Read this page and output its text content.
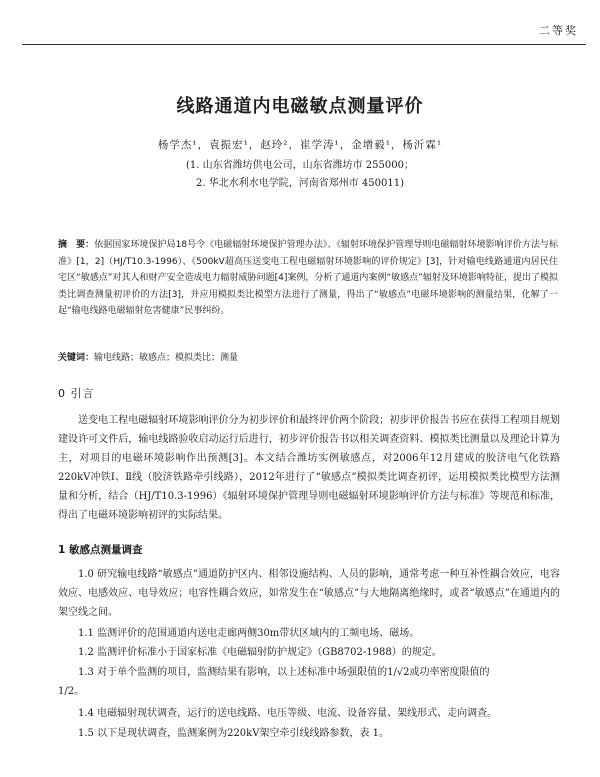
二等奖
线路通道内电磁敏点测量评价
杨学杰¹，袁振宏¹，赵玲²，崔学涛¹，金增毅¹，杨沂霖¹
(1. 山东省潍坊供电公司，山东省潍坊市 255000；
2. 华北水利水电学院，河南省郑州市 450011)
摘　要：依据国家环境保护局18号令《电磁辐射环境保护管理办法》、《辐射环境保护管理导则电磁辐射环境影响评价方法与标准》[1，2]（HJ/T10.3-1996）、《500kV超高压送变电工程电磁辐射环境影响的评价规定》[3]，针对输电线路通道内居民住宅区“敏感点”对其人和财产安全造成电力辐射威胁问题[4]案例，分析了通道内案例“敏感点”辐射及环境影响特征，提出了模拟类比调查测量初评价的方法[3]，并应用模拟类比模型方法进行了测量，得出了“敏感点”电磁环境影响的测量结果，化解了一起“输电线路电磁辐射危害健康”民事纠纷。
关键词：输电线路；敏感点；模拟类比；测量
0 引言
送变电工程电磁辐射环境影响评价分为初步评价和最终评价两个阶段；初步评价报告书应在获得工程项目规划建设许可文件后，输电线路验收启动运行后进行，初步评价报告书以相关调查资料、模拟类比测量以及理论计算为主，对项目的电磁环境影响作出预测[3]。本文结合潍坊实例敏感点，对2006年12月建成的胶济电气化铁路220kV冲铁Ⅰ、Ⅱ线（胶济铁路牵引线路），2012年进行了“敏感点”模拟类比调查初评，运用模拟类比模型方法测量和分析，结合（HJ/T10.3-1996）《辐射环境保护管理导则电磁辐射环境影响评价方法与标准》等规范和标准，得出了电磁环境影响初评的实际结果。
1 敏感点测量调查
1.0 研究输电线路“敏感点”通道防护区内、相邻设施结构、人员的影响，通常考虑一种互补性耦合效应，电容效应、电感效应、电导效应；电容性耦合效应，如常发生在“敏感点”与大地隔离绝缘时，或者“敏感点”在通道内的架空线之间。
1.1 监测评价的范围通道内送电走廊两侧30m带状区域内的工频电场、磁场。
1.2 监测评价标准小于国家标准《电磁辐射防护规定》（GB8702-1988）的规定。
1.3 对于单个监测的项目，监测结果有影响，以上述标准中场强限值的1/√2或功率密度限值的
1/2。
1.4 电磁辐射现状调查，运行的送电线路、电压等级、电流、设备容量、架线形式、走向调查。
1.5 以下是现状调查，监测案例为220kV架空牵引线线路参数，表 1。
